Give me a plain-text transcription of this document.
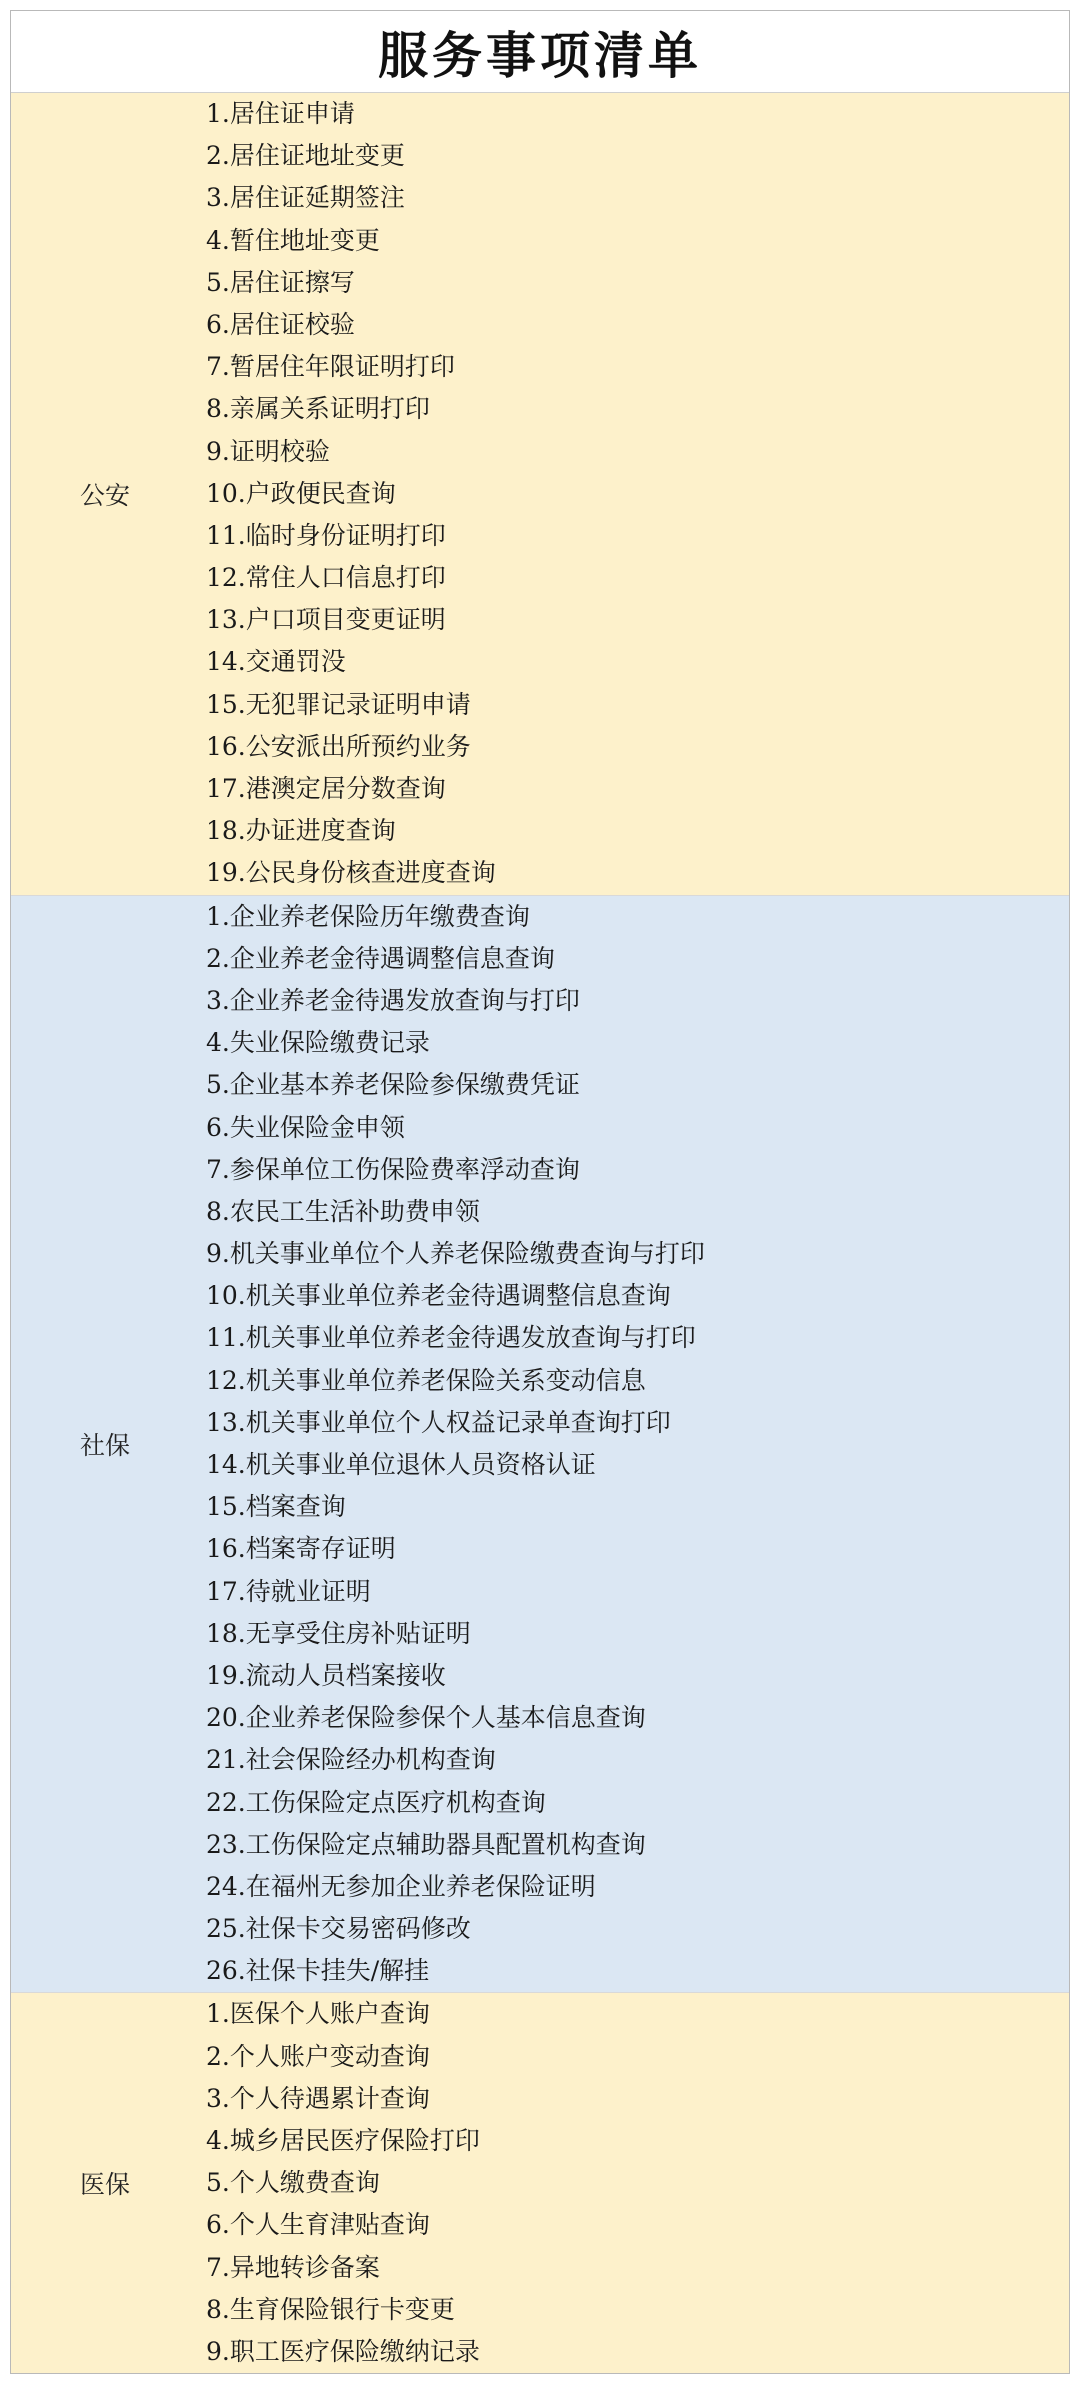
服务事项清单
公安
1.居住证申请
2.居住证地址变更
3.居住证延期签注
4.暂住地址变更
5.居住证擦写
6.居住证校验
7.暂居住年限证明打印
8.亲属关系证明打印
9.证明校验
10.户政便民查询
11.临时身份证明打印
12.常住人口信息打印
13.户口项目变更证明
14.交通罚没
15.无犯罪记录证明申请
16.公安派出所预约业务
17.港澳定居分数查询
18.办证进度查询
19.公民身份核查进度查询
社保
1.企业养老保险历年缴费查询
2.企业养老金待遇调整信息查询
3.企业养老金待遇发放查询与打印
4.失业保险缴费记录
5.企业基本养老保险参保缴费凭证
6.失业保险金申领
7.参保单位工伤保险费率浮动查询
8.农民工生活补助费申领
9.机关事业单位个人养老保险缴费查询与打印
10.机关事业单位养老金待遇调整信息查询
11.机关事业单位养老金待遇发放查询与打印
12.机关事业单位养老保险关系变动信息
13.机关事业单位个人权益记录单查询打印
14.机关事业单位退休人员资格认证
15.档案查询
16.档案寄存证明
17.待就业证明
18.无享受住房补贴证明
19.流动人员档案接收
20.企业养老保险参保个人基本信息查询
21.社会保险经办机构查询
22.工伤保险定点医疗机构查询
23.工伤保险定点辅助器具配置机构查询
24.在福州无参加企业养老保险证明
25.社保卡交易密码修改
26.社保卡挂失/解挂
医保
1.医保个人账户查询
2.个人账户变动查询
3.个人待遇累计查询
4.城乡居民医疗保险打印
5.个人缴费查询
6.个人生育津贴查询
7.异地转诊备案
8.生育保险银行卡变更
9.职工医疗保险缴纳记录
